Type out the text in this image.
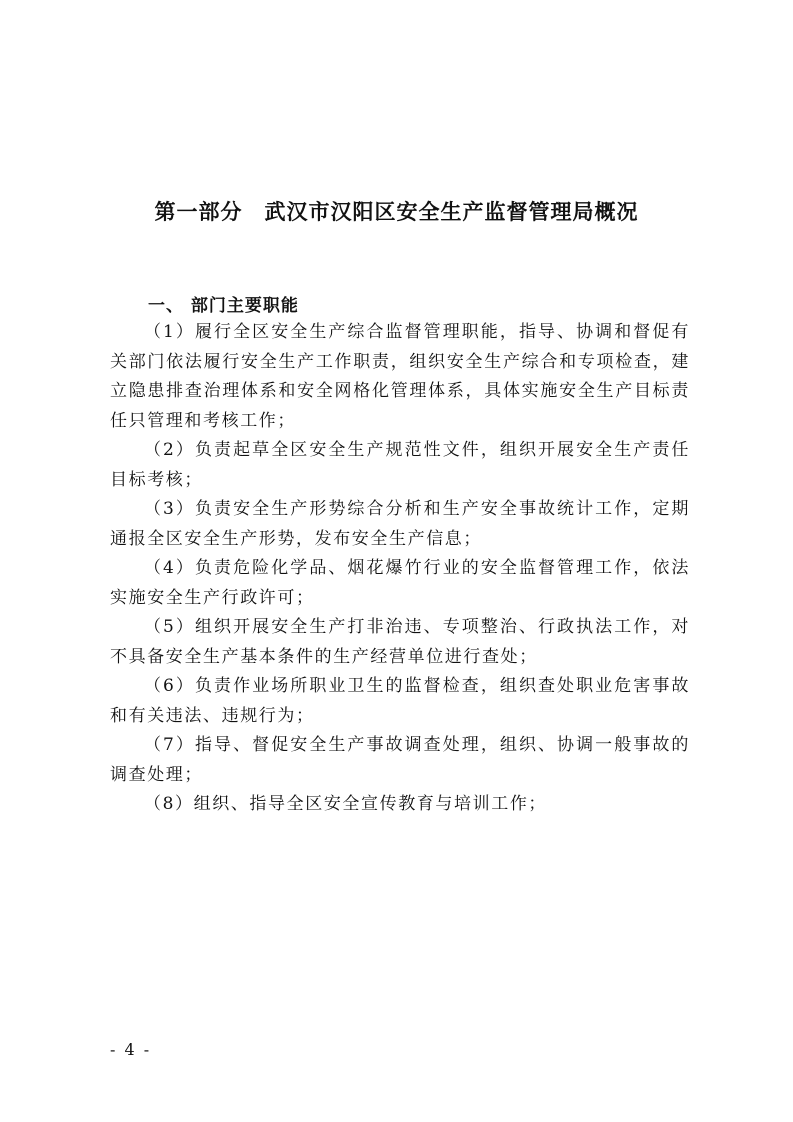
第一部分　武汉市汉阳区安全生产监督管理局概况
一、 部门主要职能

（1）履行全区安全生产综合监督管理职能，指导、协调和督促有关部门依法履行安全生产工作职责，组织安全生产综合和专项检查，建立隐患排查治理体系和安全网格化管理体系，具体实施安全生产目标责任只管理和考核工作；

（2）负责起草全区安全生产规范性文件，组织开展安全生产责任目标考核；

（3）负责安全生产形势综合分析和生产安全事故统计工作，定期通报全区安全生产形势，发布安全生产信息；

（4）负责危险化学品、烟花爆竹行业的安全监督管理工作，依法实施安全生产行政许可；

（5）组织开展安全生产打非治违、专项整治、行政执法工作，对不具备安全生产基本条件的生产经营单位进行查处；

（6）负责作业场所职业卫生的监督检查，组织查处职业危害事故和有关违法、违规行为；

（7）指导、督促安全生产事故调查处理，组织、协调一般事故的调查处理；

（8）组织、指导全区安全宣传教育与培训工作；

- 4 -
